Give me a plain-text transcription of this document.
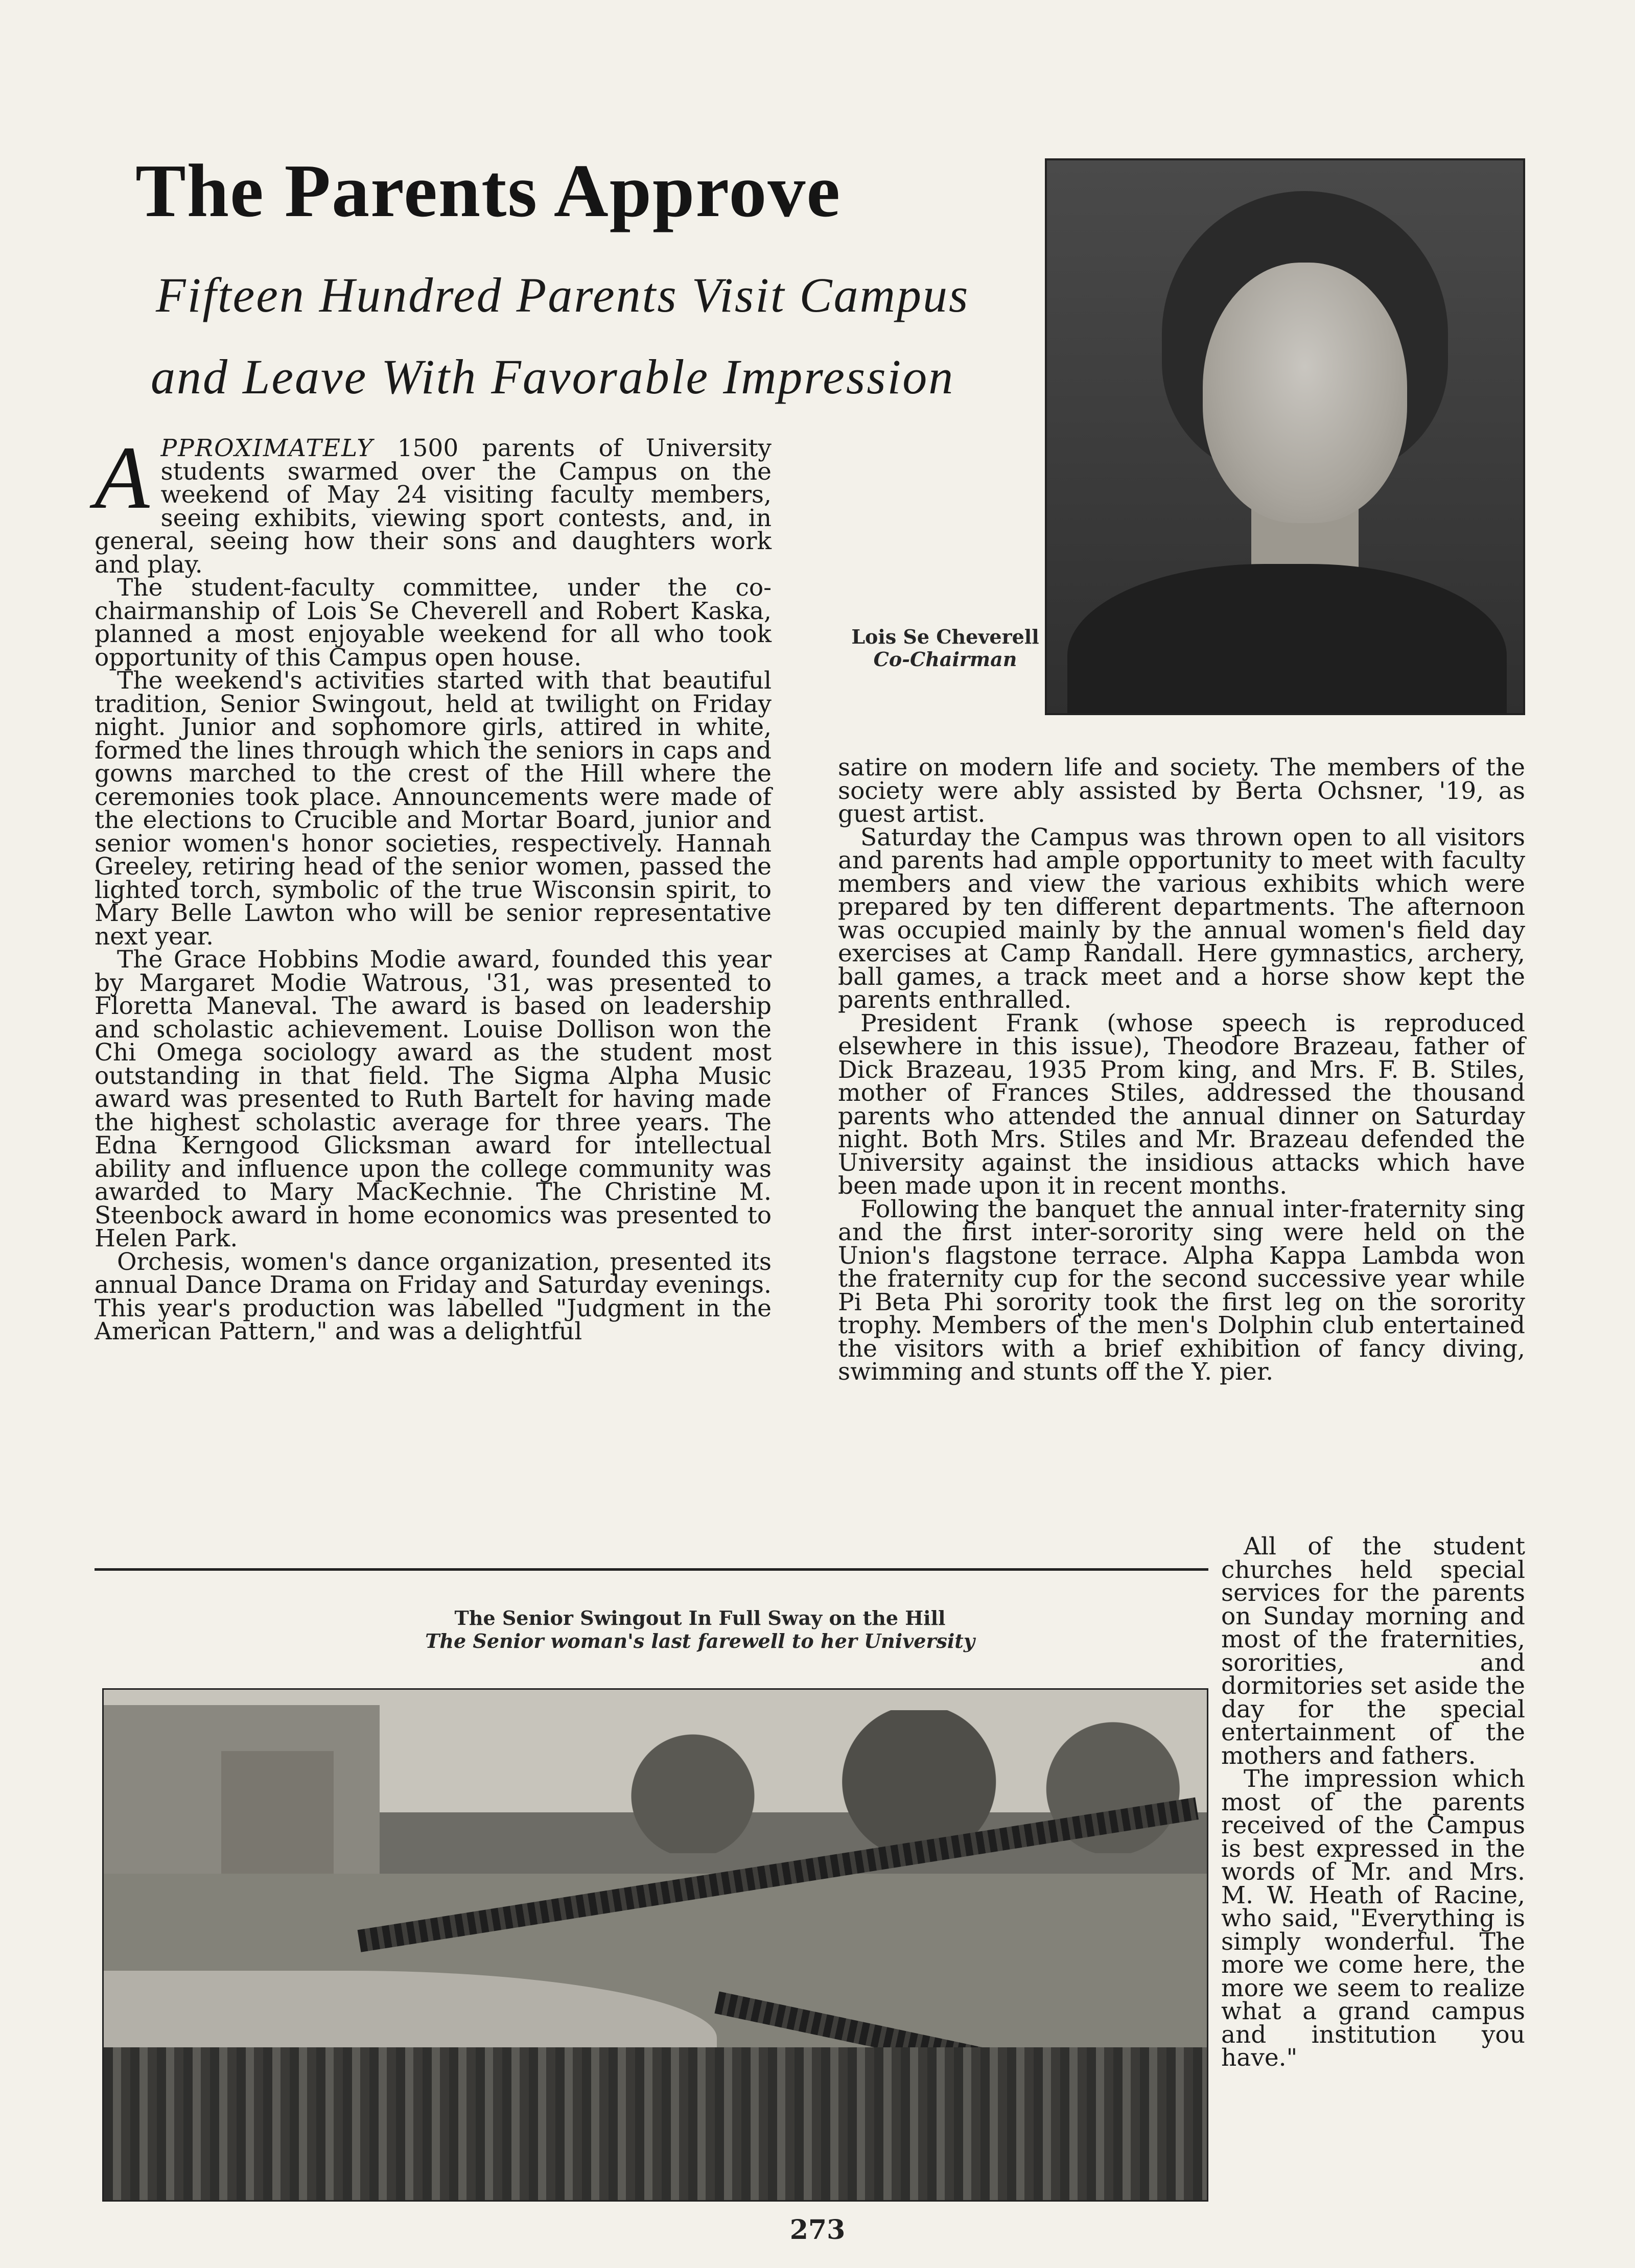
The Parents Approve
Fifteen Hundred Parents Visit Campus
and Leave With Favorable Impression
Lois Se Cheverell
Co-Chairman

APPROXIMATELY 1500 parents of University students swarmed over the Campus on the weekend of May 24 visiting faculty members, seeing exhibits, viewing sport contests, and, in general, seeing how their sons and daughters work and play.

The student-faculty committee, under the co-chairmanship of Lois Se Cheverell and Robert Kaska, planned a most enjoyable weekend for all who took opportunity of this Campus open house.

The weekend's activities started with that beautiful tradition, Senior Swingout, held at twilight on Friday night. Junior and sophomore girls, attired in white, formed the lines through which the seniors in caps and gowns marched to the crest of the Hill where the ceremonies took place. Announcements were made of the elections to Crucible and Mortar Board, junior and senior women's honor societies, respectively. Hannah Greeley, retiring head of the senior women, passed the lighted torch, symbolic of the true Wisconsin spirit, to Mary Belle Lawton who will be senior representative next year.

The Grace Hobbins Modie award, founded this year by Margaret Modie Watrous, '31, was presented to Floretta Maneval. The award is based on leadership and scholastic achievement. Louise Dollison won the Chi Omega sociology award as the student most outstanding in that field. The Sigma Alpha Music award was presented to Ruth Bartelt for having made the highest scholastic average for three years. The Edna Kerngood Glicksman award for intellectual ability and influence upon the college community was awarded to Mary MacKechnie. The Christine M. Steenbock award in home economics was presented to Helen Park.

Orchesis, women's dance organization, presented its annual Dance Drama on Friday and Saturday evenings. This year's production was labelled "Judgment in the American Pattern," and was a delightful

satire on modern life and society. The members of the society were ably assisted by Berta Ochsner, '19, as guest artist.

Saturday the Campus was thrown open to all visitors and parents had ample opportunity to meet with faculty members and view the various exhibits which were prepared by ten different departments. The afternoon was occupied mainly by the annual women's field day exercises at Camp Randall. Here gymnastics, archery, ball games, a track meet and a horse show kept the parents enthralled.

President Frank (whose speech is reproduced elsewhere in this issue), Theodore Brazeau, father of Dick Brazeau, 1935 Prom king, and Mrs. F. B. Stiles, mother of Frances Stiles, addressed the thousand parents who attended the annual dinner on Saturday night. Both Mrs. Stiles and Mr. Brazeau defended the University against the insidious attacks which have been made upon it in recent months.

Following the banquet the annual inter-fraternity sing and the first inter-sorority sing were held on the Union's flagstone terrace. Alpha Kappa Lambda won the fraternity cup for the second successive year while Pi Beta Phi sorority took the first leg on the sorority trophy. Members of the men's Dolphin club entertained the visitors with a brief exhibition of fancy diving, swimming and stunts off the Y. pier.

All of the student churches held special services for the parents on Sunday morning and most of the fraternities, sororities, and dormitories set aside the day for the special entertainment of the mothers and fathers.

The impression which most of the parents received of the Campus is best expressed in the words of Mr. and Mrs. M. W. Heath of Racine, who said, "Everything is simply wonderful. The more we come here, the more we seem to realize what a grand campus and institution you have."

The Senior Swingout In Full Sway on the Hill
The Senior woman's last farewell to her University
273
